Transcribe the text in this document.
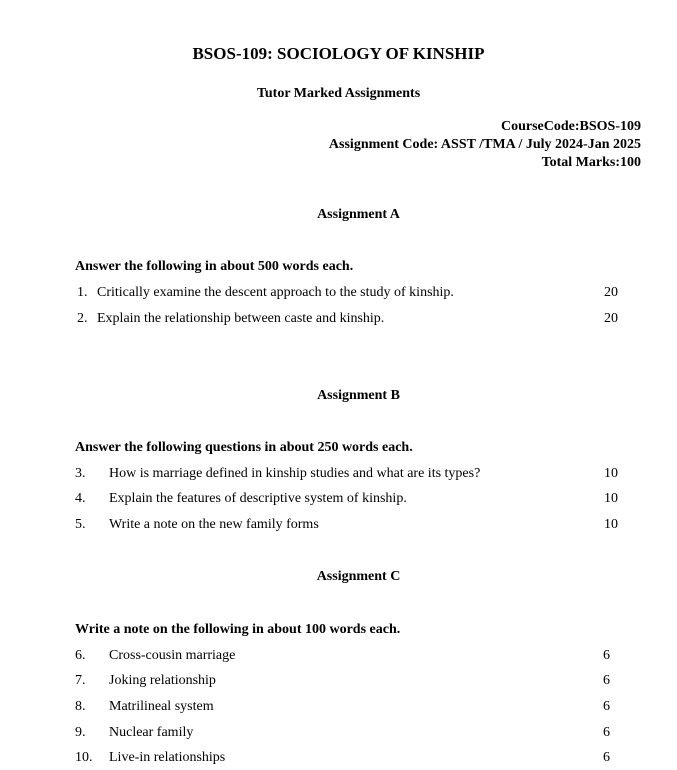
BSOS-109: SOCIOLOGY OF KINSHIP
Tutor Marked Assignments
CourseCode:BSOS-109
Assignment Code: ASST /TMA / July 2024-Jan 2025
Total Marks:100
Assignment A
Answer the following in about 500 words each.
1. Critically examine the descent approach to the study of kinship.	20
2. Explain the relationship between caste and kinship.	20
Assignment B
Answer the following questions in about 250 words each.
3. How is marriage defined in kinship studies and what are its types?	10
4. Explain the features of descriptive system of kinship.	10
5. Write a note on the new family forms	10
Assignment C
Write a note on the following in about 100 words each.
6. Cross-cousin marriage	6
7. Joking relationship	6
8. Matrilineal system	6
9. Nuclear family	6
10. Live-in relationships	6
